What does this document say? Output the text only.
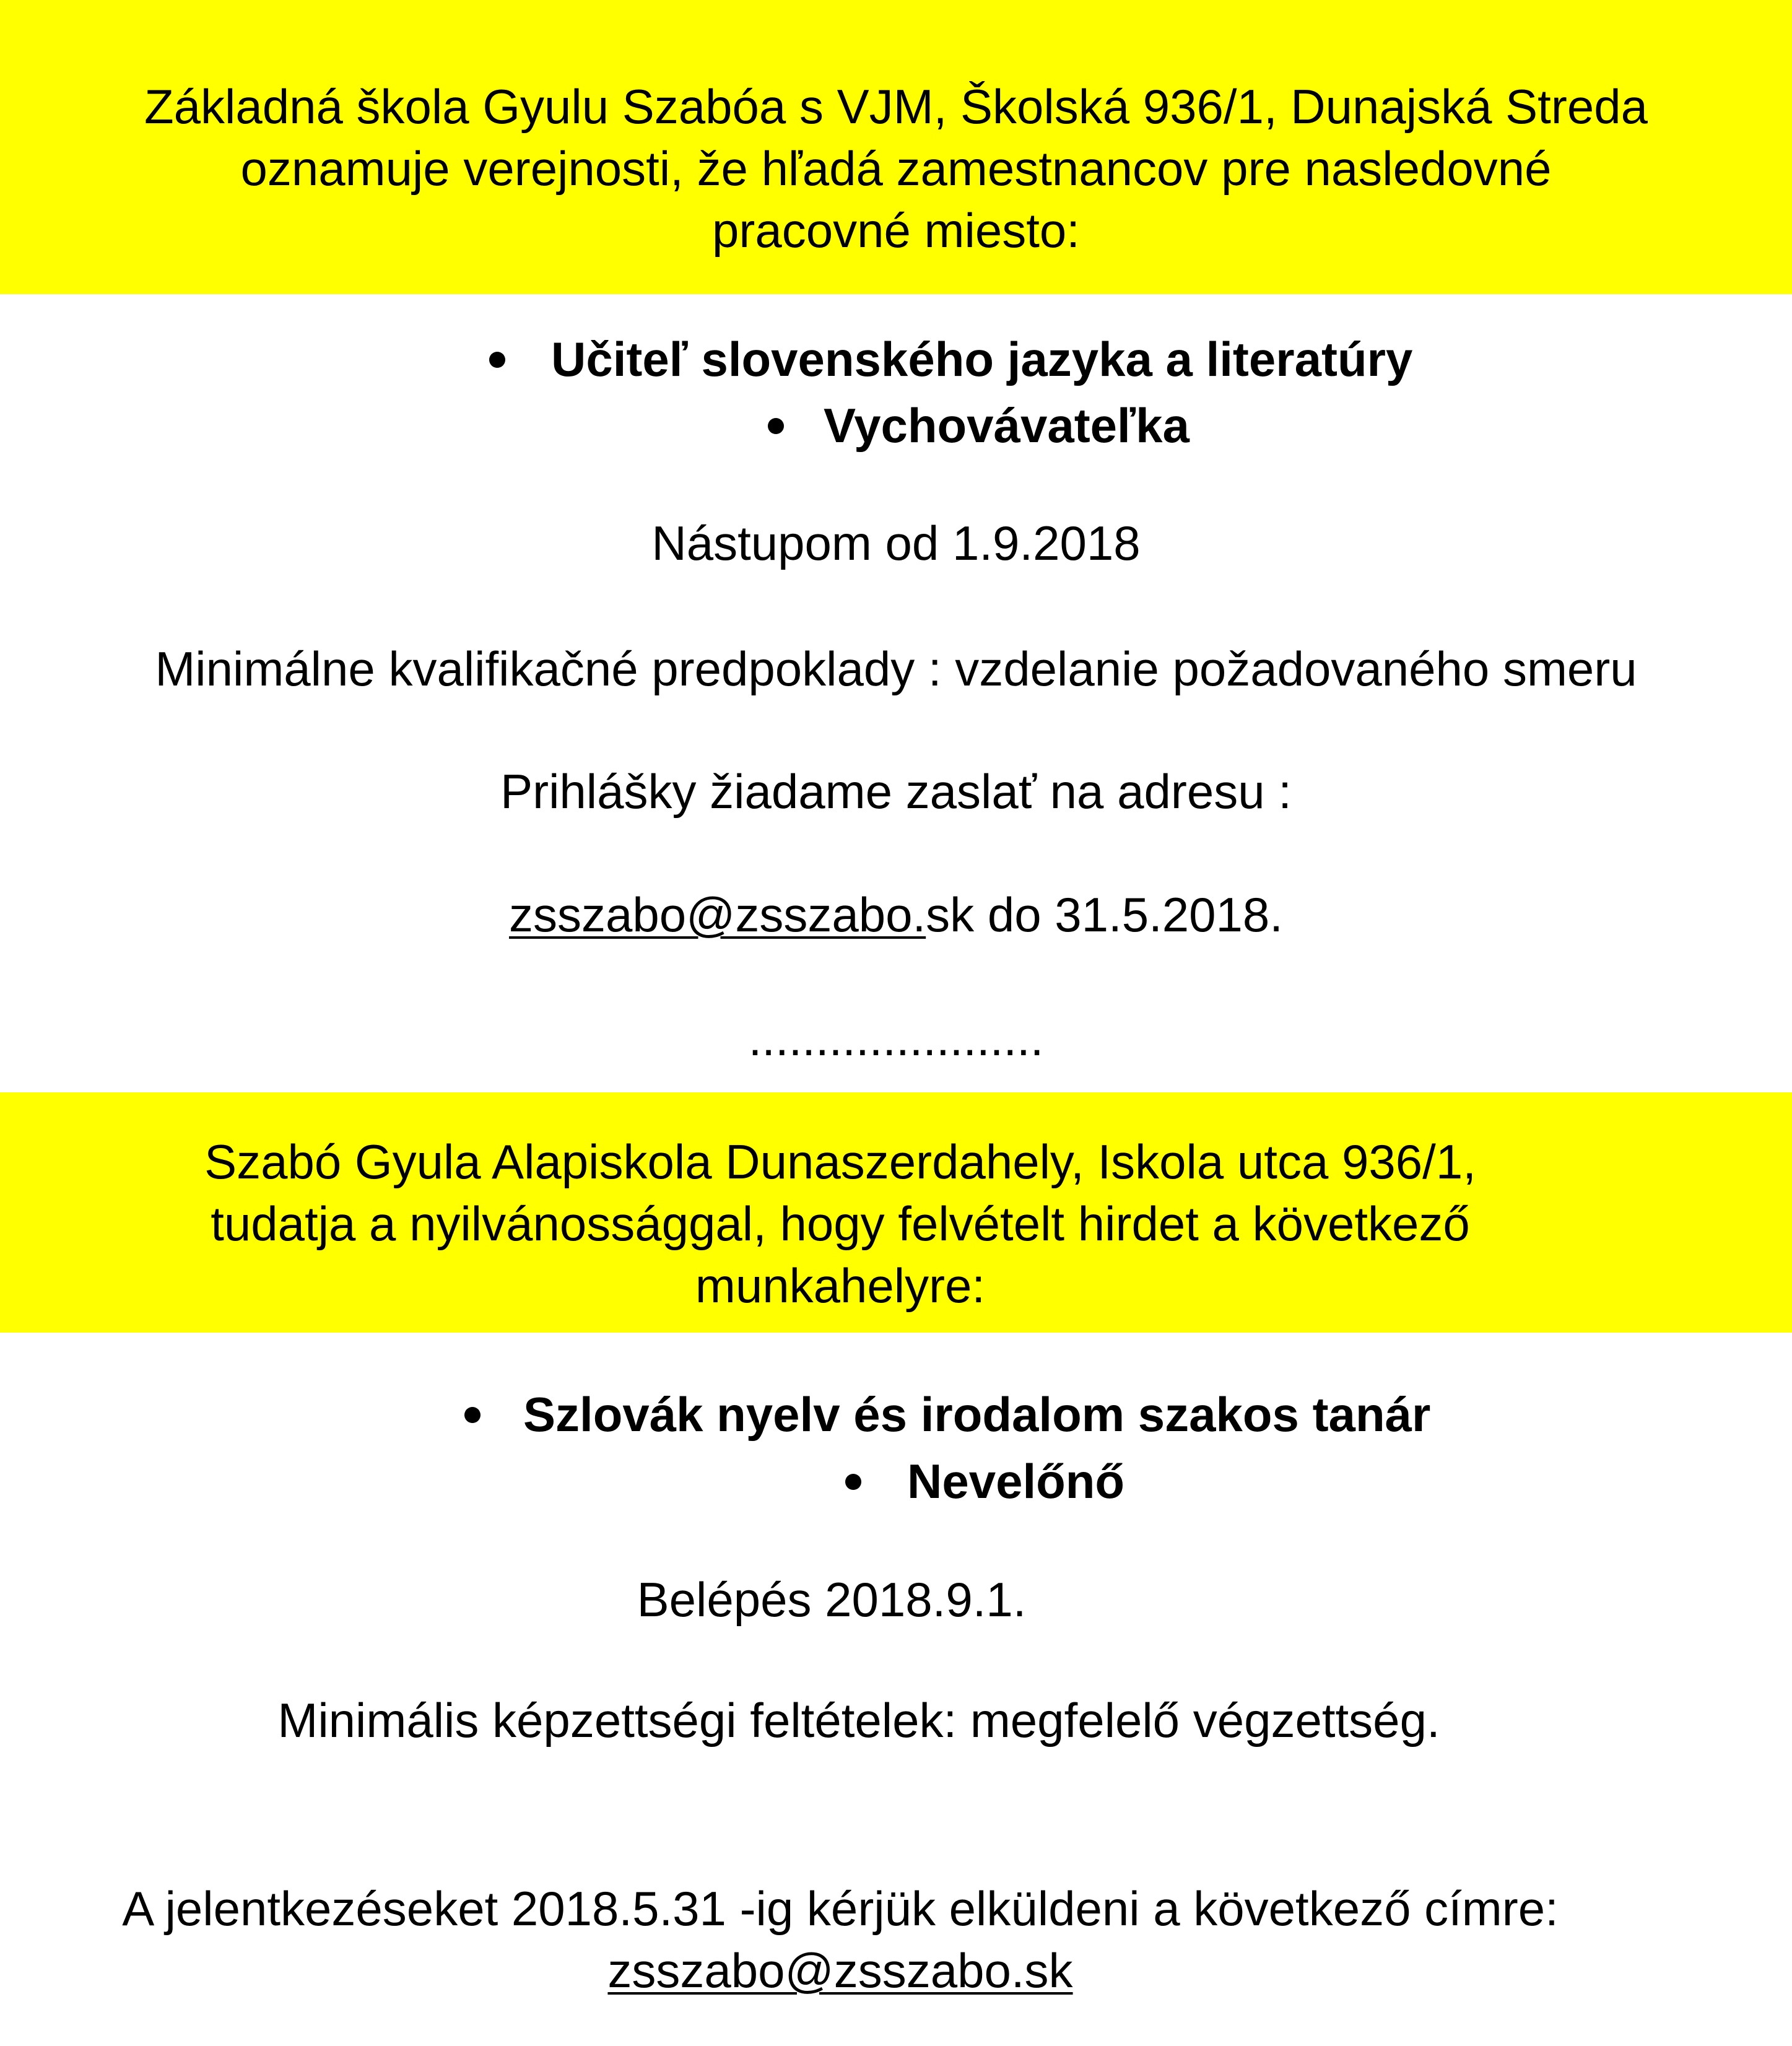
Základná škola Gyulu Szabóa s VJM, Školská 936/1, Dunajská Streda
oznamuje verejnosti, že hľadá zamestnancov pre nasledovné
pracovné miesto:
Učiteľ slovenského jazyka a literatúry
Vychovávateľka
Nástupom od 1.9.2018
Minimálne kvalifikačné predpoklady : vzdelanie požadovaného smeru
Prihlášky žiadame zaslať na adresu :
zsszabo@zsszabo.sk do 31.5.2018.
......................
Szabó Gyula Alapiskola Dunaszerdahely, Iskola utca 936/1,
tudatja a nyilvánossággal, hogy felvételt hirdet a következő
munkahelyre:
Szlovák nyelv és irodalom szakos tanár
Nevelőnő
Belépés 2018.9.1.
Minimális képzettségi feltételek: megfelelő végzettség.
A jelentkezéseket 2018.5.31 -ig kérjük elküldeni a következő címre:
zsszabo@zsszabo.sk
